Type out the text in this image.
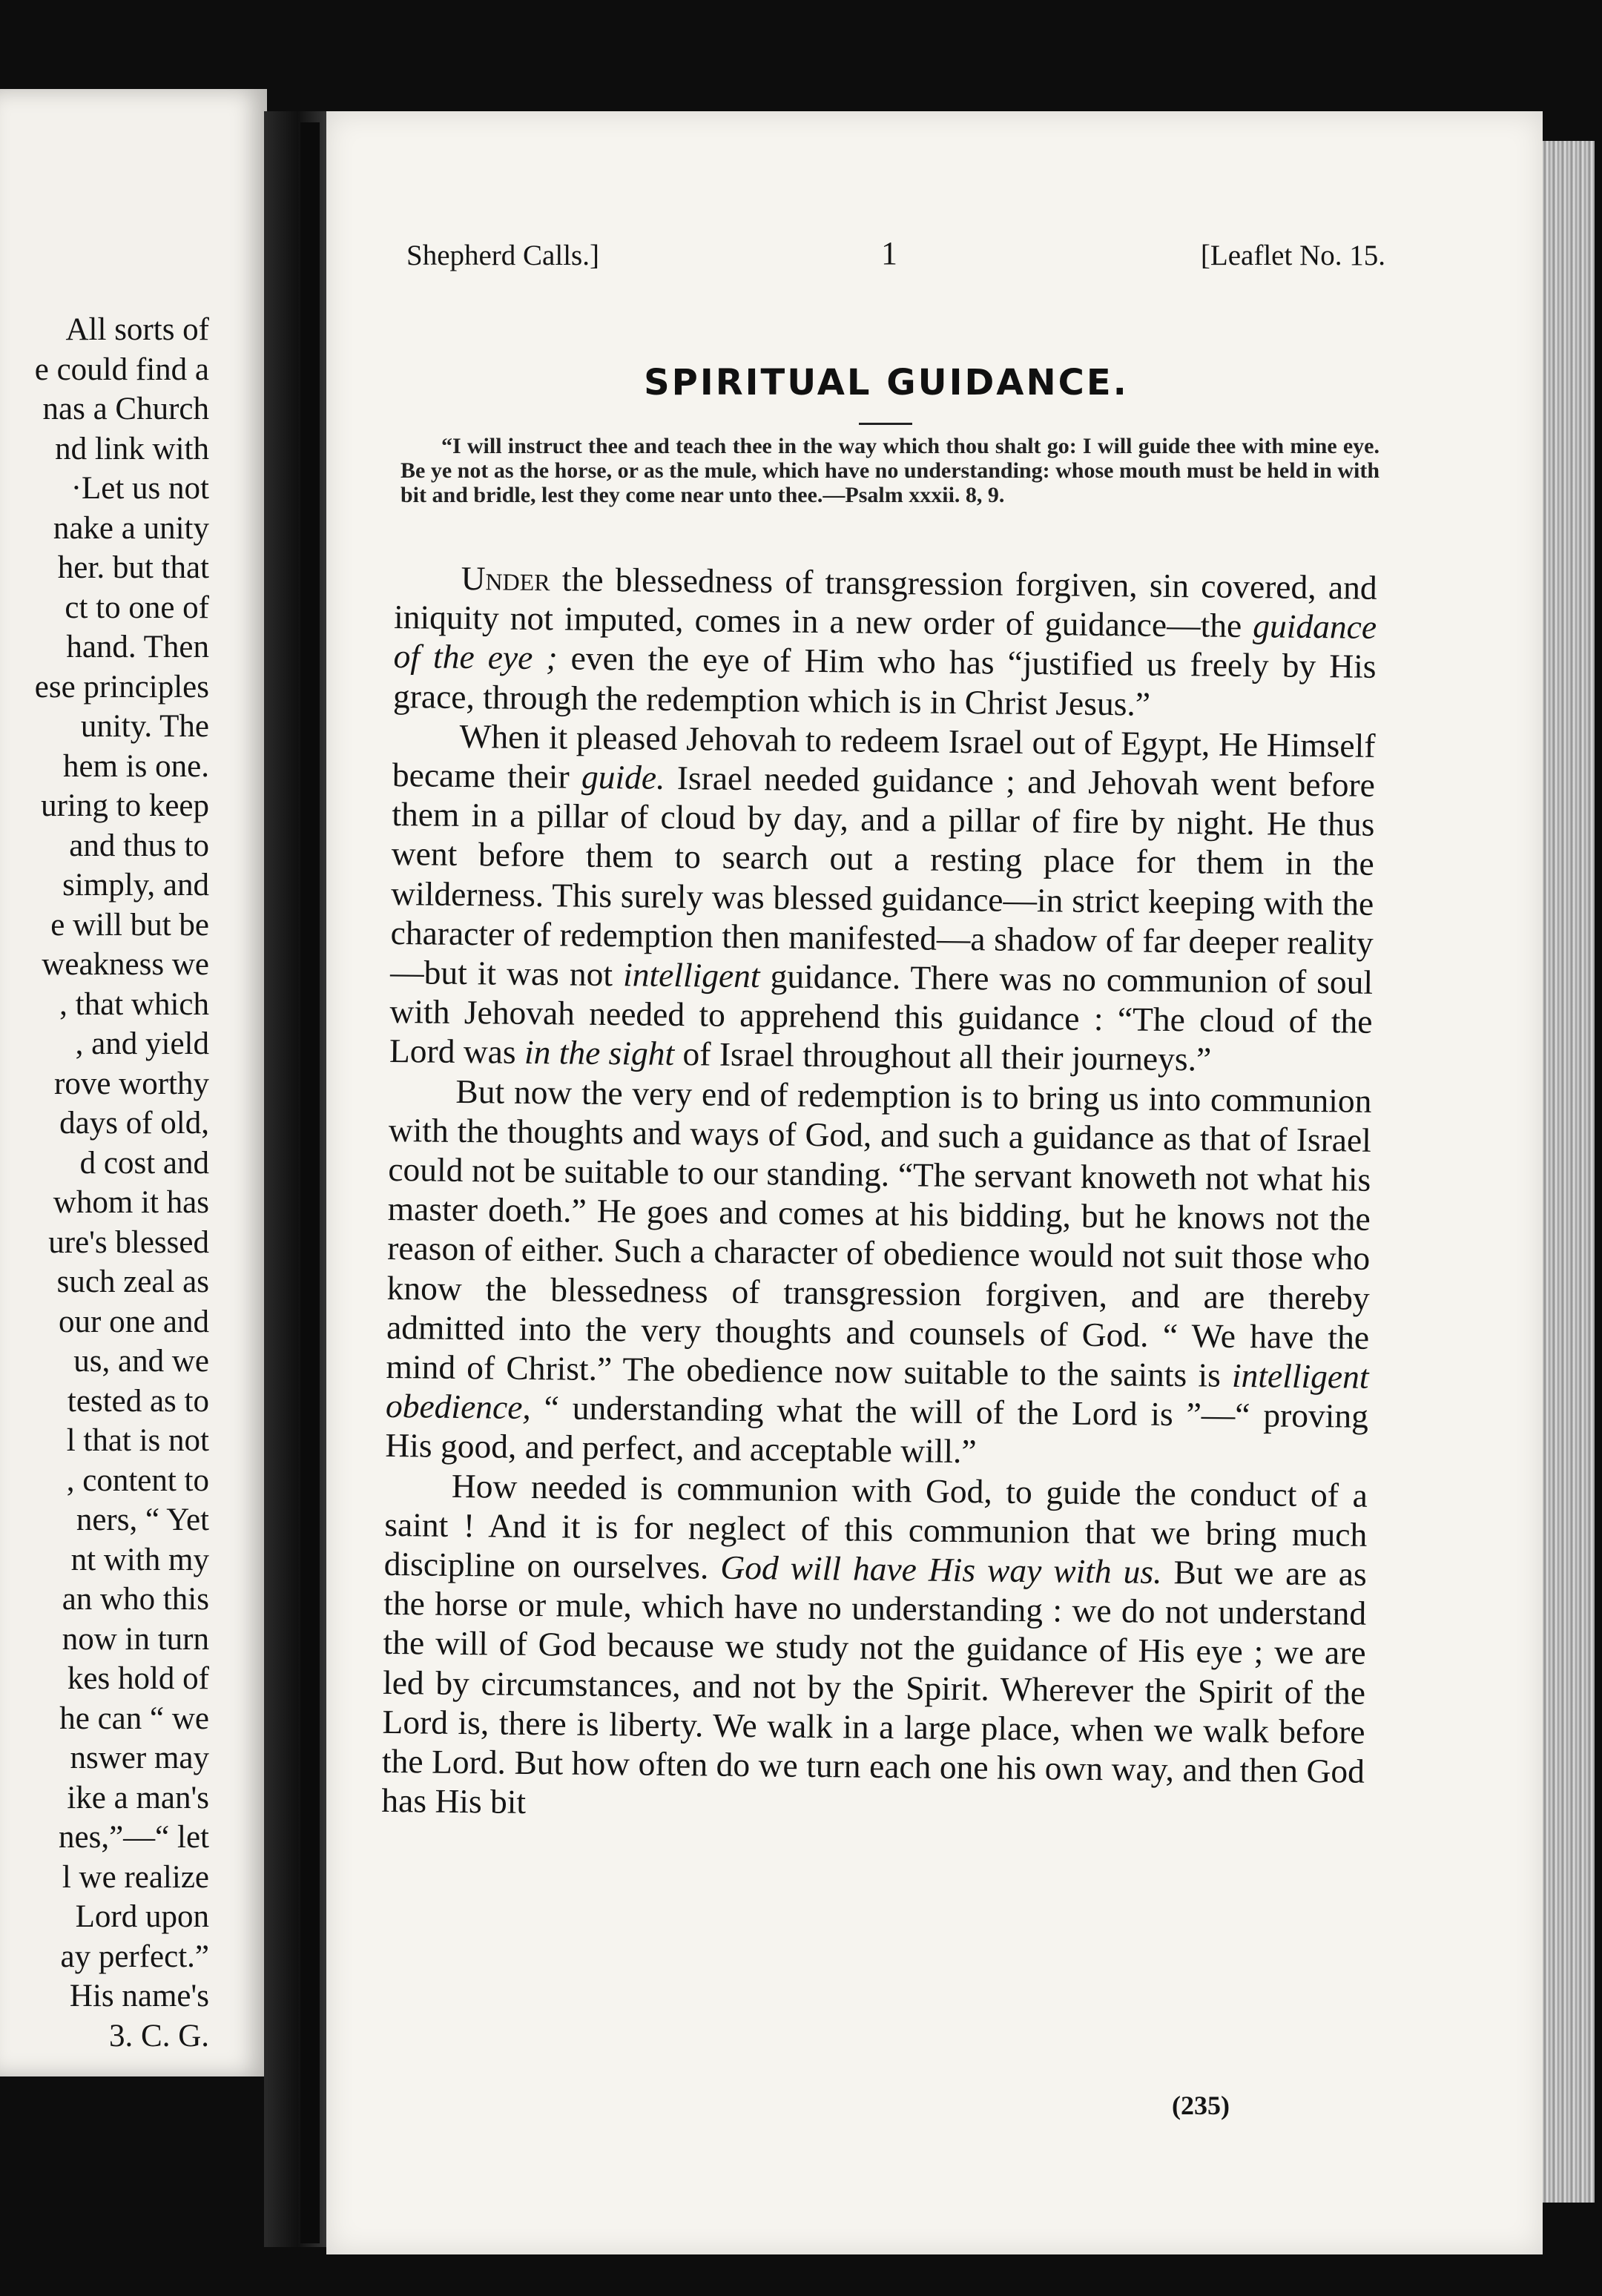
All sorts of
e could find a
nas a Church
nd link with
·Let us not
nake a unity
her. but that
ct to one of
hand. Then
ese principles
unity. The
hem is one.
uring to keep
and thus to
simply, and
e will but be
weakness we
, that which
, and yield
rove worthy
days of old,
d cost and
whom it has
ure's blessed
such zeal as
our one and
us, and we
tested as to
l that is not
, content to
ners, “ Yet
nt with my
an who this
now in turn
kes hold of
he can “ we
nswer may
ike a man's
nes,”—“ let
l we realize
Lord upon
ay perfect.”
His name's
3. C. G.
Shepherd Calls.]	1	[Leaflet No. 15.
SPIRITUAL GUIDANCE.
“I will instruct thee and teach thee in the way which thou shalt go: I will guide thee with mine eye. Be ye not as the horse, or as the mule, which have no understanding: whose mouth must be held in with bit and bridle, lest they come near unto thee.—Psalm xxxii. 8, 9.

Under the blessedness of transgression forgiven, sin covered, and iniquity not imputed, comes in a new order of guidance—the guidance of the eye ; even the eye of Him who has “justified us freely by His grace, through the redemption which is in Christ Jesus.”

When it pleased Jehovah to redeem Israel out of Egypt, He Himself became their guide. Israel needed guidance ; and Jehovah went before them in a pillar of cloud by day, and a pillar of fire by night. He thus went before them to search out a resting place for them in the wilderness. This surely was blessed guidance—in strict keeping with the character of redemption then manifested—a shadow of far deeper reality—but it was not intelligent guidance. There was no communion of soul with Jehovah needed to apprehend this guidance : “The cloud of the Lord was in the sight of Israel throughout all their journeys.”

But now the very end of redemption is to bring us into communion with the thoughts and ways of God, and such a guidance as that of Israel could not be suitable to our standing. “The servant knoweth not what his master doeth.” He goes and comes at his bidding, but he knows not the reason of either. Such a character of obedience would not suit those who know the blessedness of transgression forgiven, and are thereby admitted into the very thoughts and counsels of God. “ We have the mind of Christ.” The obedience now suitable to the saints is intelligent obedience, “ understanding what the will of the Lord is ”—“ proving His good, and perfect, and acceptable will.”

How needed is communion with God, to guide the conduct of a saint ! And it is for neglect of this communion that we bring much discipline on ourselves. God will have His way with us. But we are as the horse or mule, which have no understanding : we do not understand the will of God because we study not the guidance of His eye ; we are led by circumstances, and not by the Spirit. Wherever the Spirit of the Lord is, there is liberty. We walk in a large place, when we walk before the Lord. But how often do we turn each one his own way, and then God has His bit

(235)
